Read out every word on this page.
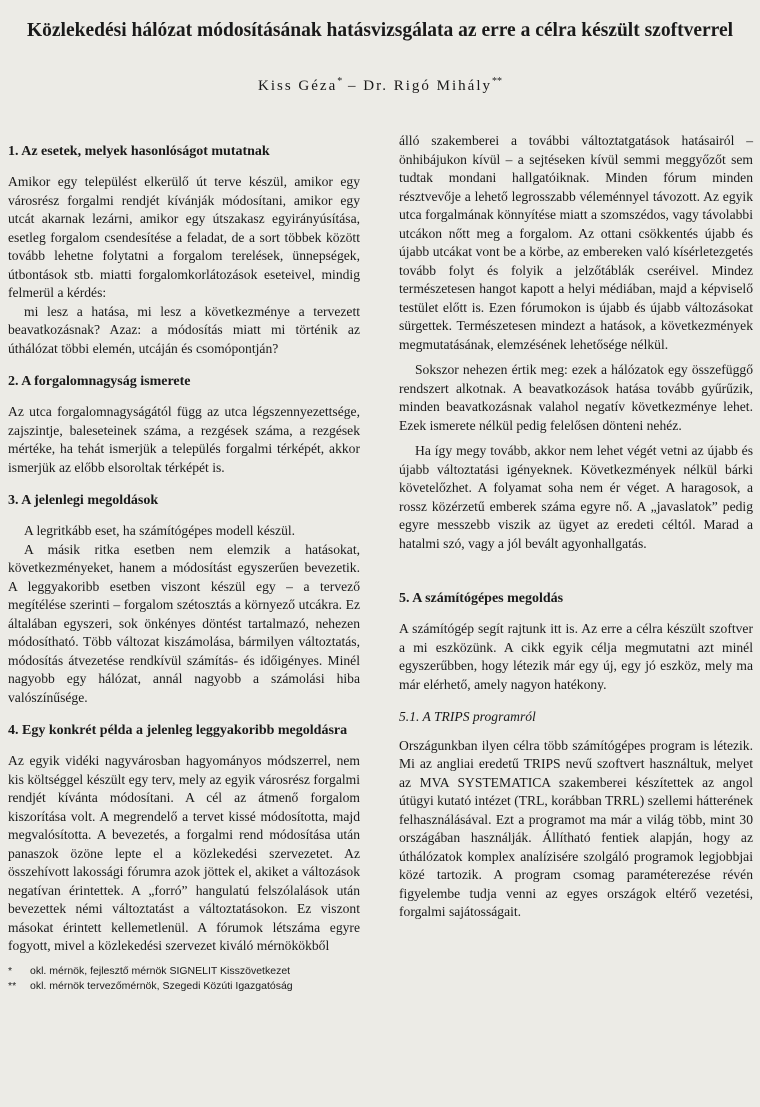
Közlekedési hálózat módosításának hatásvizsgálata az erre a célra készült szoftverrel
Kiss Géza* – Dr. Rigó Mihály**
1. Az esetek, melyek hasonlóságot mutatnak

Amikor egy települést elkerülő út terve készül, amikor egy városrész forgalmi rendjét kívánják módosítani, amikor egy utcát akarnak lezárni, amikor egy útszakasz egyirányúsítása, esetleg forgalom csendesítése a feladat, de a sort többek között tovább lehetne folytatni a forgalom terelések, ünnepségek, útbontások stb. miatti forgalomkorlátozások eseteivel, mindig felmerül a kérdés:

mi lesz a hatása, mi lesz a következménye a tervezett beavatkozásnak? Azaz: a módosítás miatt mi történik az úthálózat többi elemén, utcáján és csomópontján?

2. A forgalomnagyság ismerete

Az utca forgalomnagyságától függ az utca légszennyezettsége, zajszintje, baleseteinek száma, a rezgések száma, a rezgések mértéke, ha tehát ismerjük a település forgalmi térképét, akkor ismerjük az előbb elsoroltak térképét is.

3. A jelenlegi megoldások

A legritkább eset, ha számítógépes modell készül.

A másik ritka esetben nem elemzik a hatásokat, következményeket, hanem a módosítást egyszerűen bevezetik. A leggyakoribb esetben viszont készül egy – a tervező megítélése szerinti – forgalom szétosztás a környező utcákra. Ez általában egyszeri, sok önkényes döntést tartalmazó, nehezen módosítható. Több változat kiszámolása, bármilyen változtatás, módosítás átvezetése rendkívül számítás- és időigényes. Minél nagyobb egy hálózat, annál nagyobb a számolási hiba valószínűsége.

4. Egy konkrét példa a jelenleg leggyakoribb megoldásra

Az egyik vidéki nagyvárosban hagyományos módszerrel, nem kis költséggel készült egy terv, mely az egyik városrész forgalmi rendjét kívánta módosítani. A cél az átmenő forgalom kiszorítása volt. A megrendelő a tervet kissé módosította, majd megvalósította. A bevezetés, a forgalmi rend módosítása után panaszok özöne lepte el a közlekedési szervezetet. Az összehívott lakossági fórumra azok jöttek el, akiket a változások negatívan érintettek. A „forró” hangulatú felszólalások után bevezettek némi változtatást a változtatásokon. Ez viszont másokat érintett kellemetlenül. A fórumok létszáma egyre fogyott, mivel a közlekedési szervezet kiváló mérnökökből

* okl. mérnök, fejlesztő mérnök SIGNELIT Kisszövetkezet
** okl. mérnök tervezőmérnök, Szegedi Közúti Igazgatóság

álló szakemberei a további változtatgatások hatásairól – önhibájukon kívül – a sejtéseken kívül semmi meggyőzőt sem tudtak mondani hallgatóiknak. Minden fórum minden résztvevője a lehető legrosszabb véleménnyel távozott. Az egyik utca forgalmának könnyítése miatt a szomszédos, vagy távolabbi utcákon nőtt meg a forgalom. Az ottani csökkentés újabb és újabb utcákat vont be a körbe, az embereken való kísérletezgetés tovább folyt és folyik a jelzőtáblák cseréivel. Mindez természetesen hangot kapott a helyi médiában, majd a képviselő testület előtt is. Ezen fórumokon is újabb és újabb változásokat sürgettek. Természetesen mindezt a hatások, a következmények megmutatásának, elemzésének lehetősége nélkül.

Sokszor nehezen értik meg: ezek a hálózatok egy összefüggő rendszert alkotnak. A beavatkozások hatása tovább gyűrűzik, minden beavatkozásnak valahol negatív következménye lehet. Ezek ismerete nélkül pedig felelősen dönteni nehéz.

Ha így megy tovább, akkor nem lehet végét vetni az újabb és újabb változtatási igényeknek. Következmények nélkül bárki követelőzhet. A folyamat soha nem ér véget. A haragosok, a rossz közérzetű emberek száma egyre nő. A „javaslatok” pedig egyre messzebb viszik az ügyet az eredeti céltól. Marad a hatalmi szó, vagy a jól bevált agyonhallgatás.

5. A számítógépes megoldás

A számítógép segít rajtunk itt is. Az erre a célra készült szoftver a mi eszközünk. A cikk egyik célja megmutatni azt minél egyszerűbben, hogy létezik már egy új, egy jó eszköz, mely ma már elérhető, amely nagyon hatékony.

5.1. A TRIPS programról

Országunkban ilyen célra több számítógépes program is létezik. Mi az angliai eredetű TRIPS nevű szoftvert használtuk, melyet az MVA SYSTEMATICA szakemberei készítettek az angol útügyi kutató intézet (TRL, korábban TRRL) szellemi hátterének felhasználásával. Ezt a programot ma már a világ több, mint 30 országában használják. Állítható fentiek alapján, hogy az úthálózatok komplex analízisére szolgáló programok legjobbjai közé tartozik. A program csomag paraméterezése révén figyelembe tudja venni az egyes országok eltérő vezetési, forgalmi sajátosságait.
